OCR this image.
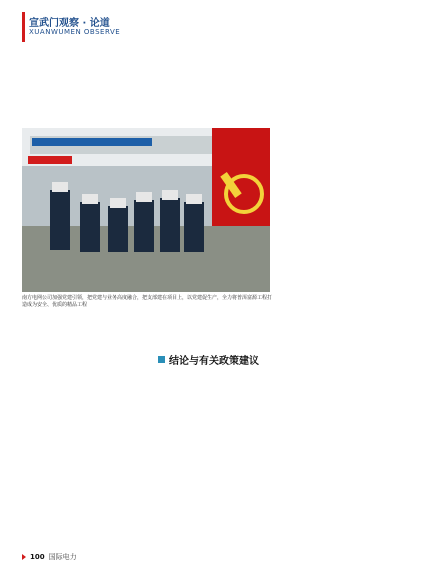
宣武门观察 · 论道
XUANWUMEN OBSERVE
南方电网公司加强党建引领，把党建与业务高度融合，把支部建在项目上，以党建促生产，全力将普洱富源工程打造成为安全、优质的精品工程
结论与有关政策建议
100 国际电力
